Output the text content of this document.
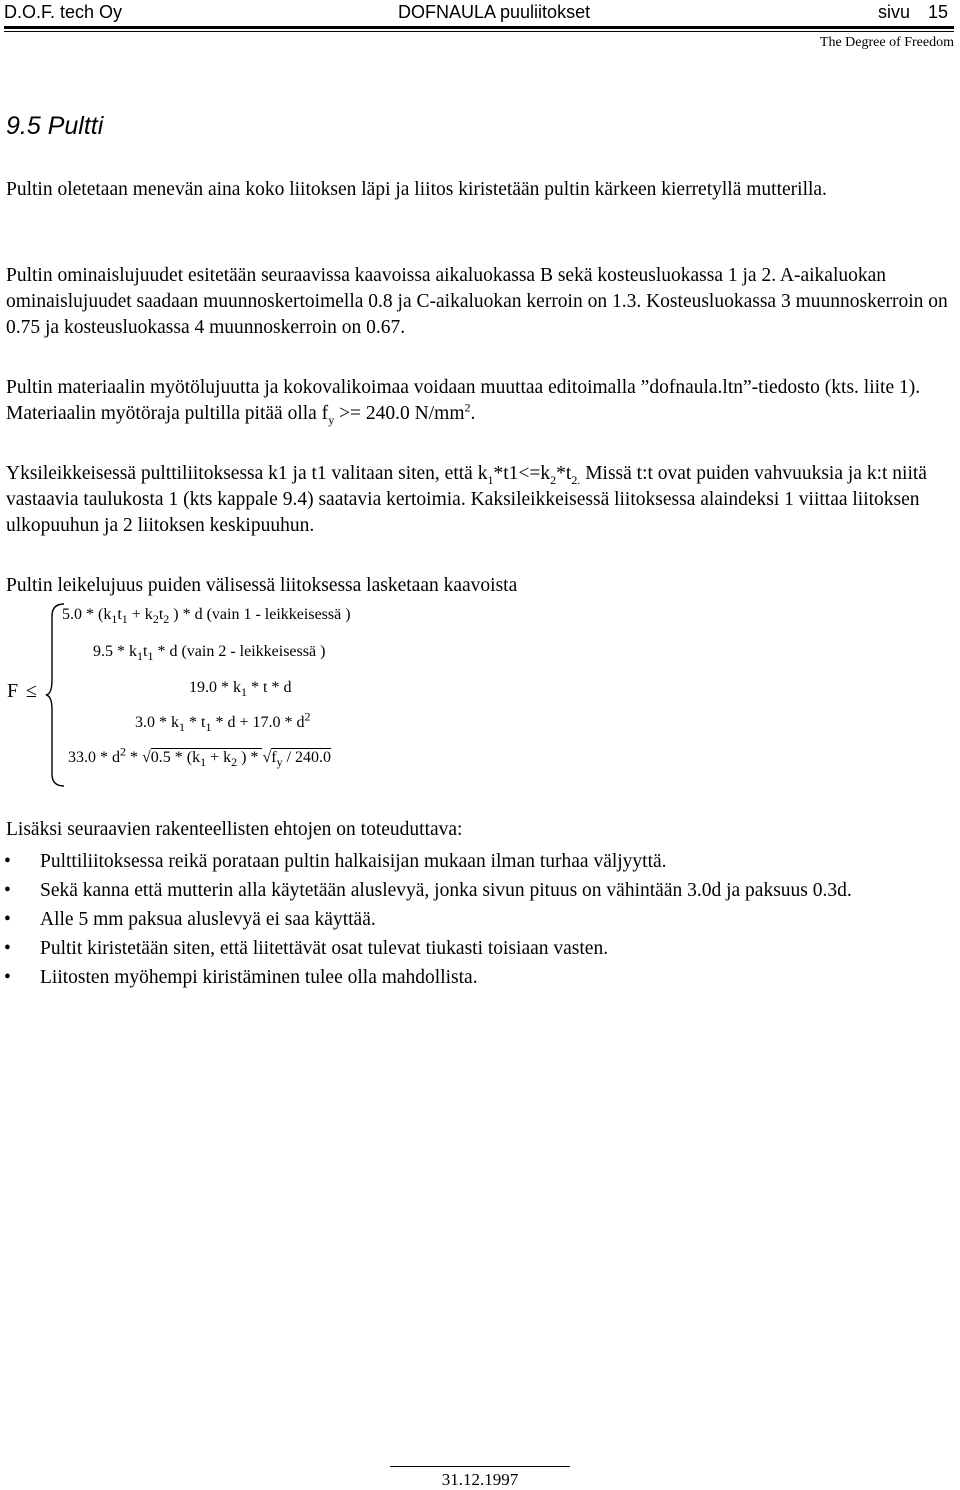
D.O.F. tech Oy	DOFNAULA puuliitokset	sivu 15
The Degree of Freedom
9.5 Pultti

Pultin oletetaan menevän aina koko liitoksen läpi ja liitos kiristetään pultin kärkeen kierretyllä mutterilla.

Pultin ominaislujuudet esitetään seuraavissa kaavoissa aikaluokassa B sekä kosteusluokassa 1 ja 2. A-aikaluokan ominaislujuudet saadaan muunnoskertoimella 0.8 ja C-aikaluokan kerroin on 1.3. Kosteusluokassa 3 muunnoskerroin on 0.75 ja kosteusluokassa 4 muunnoskerroin on 0.67.

Pultin materiaalin myötölujuutta ja kokovalikoimaa voidaan muuttaa editoimalla ”dofnaula.ltn”-tiedosto (kts. liite 1). Materiaalin myötöraja pultilla pitää olla $f_y >= 240.0$ $N/mm^2$.

Yksileikkeisessä pulttiliitoksessa k1 ja t1 valitaan siten, että $k_1*t1<=k_2*t_{2.}$ Missä t:t ovat puiden vahvuuksia ja k:t niitä vastaavia taulukosta 1 (kts kappale 9.4) saatavia kertoimia. Kaksileikkeisessä liitoksessa alaindeksi 1 viittaa liitoksen ulkopuuhun ja 2 liitoksen keskipuuhun.

Pultin leikelujuus puiden välisessä liitoksessa lasketaan kaavoista

F ≤
$5.0 * (k_1t_1 + k_2t_2$ ) * d (vain 1 - leikkeisessä )
$9.5 * k_1t_1$ * d (vain 2 - leikkeisessä )
$19.0 * k_1$ * t * d
$3.0 * k_1 * t_1 * d + 17.0 * d^2$
$33.0 * d^2 * √0.5 * (k_1 + k_2$ ) * $√f_y / 240.0$

Lisäksi seuraavien rakenteellisten ehtojen on toteuduttava:

• Pulttiliitoksessa reikä porataan pultin halkaisijan mukaan ilman turhaa väljyyttä.
• Sekä kanna että mutterin alla käytetään aluslevyä, jonka sivun pituus on vähintään 3.0d ja paksuus 0.3d.
• Alle 5 mm paksua aluslevyä ei saa käyttää.
• Pultit kiristetään siten, että liitettävät osat tulevat tiukasti toisiaan vasten.
• Liitosten myöhempi kiristäminen tulee olla mahdollista.
31.12.1997
